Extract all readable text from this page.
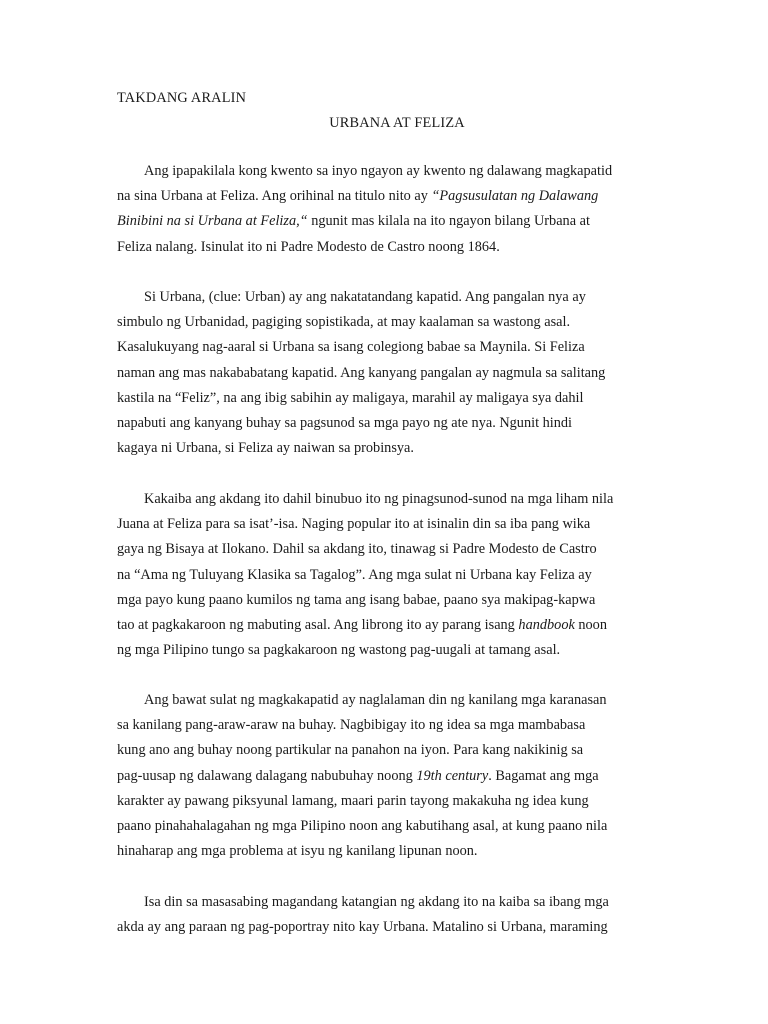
TAKDANG ARALIN
URBANA AT FELIZA
Ang ipapakilala kong kwento sa inyo ngayon ay kwento ng dalawang magkapatid
na sina Urbana at Feliza. Ang orihinal na titulo nito ay “Pagsusulatan ng Dalawang
Binibini na si Urbana at Feliza,“ ngunit mas kilala na ito ngayon bilang Urbana at
Feliza nalang. Isinulat ito ni Padre Modesto de Castro noong 1864.
Si Urbana, (clue: Urban) ay ang nakatatandang kapatid. Ang pangalan nya ay
simbulo ng Urbanidad, pagiging sopistikada, at may kaalaman sa wastong asal.
Kasalukuyang nag-aaral si Urbana sa isang colegiong babae sa Maynila. Si Feliza
naman ang mas nakababatang kapatid. Ang kanyang pangalan ay nagmula sa salitang
kastila na “Feliz”, na ang ibig sabihin ay maligaya, marahil ay maligaya sya dahil
napabuti ang kanyang buhay sa pagsunod sa mga payo ng ate nya. Ngunit hindi
kagaya ni Urbana, si Feliza ay naiwan sa probinsya.
Kakaiba ang akdang ito dahil binubuo ito ng pinagsunod-sunod na mga liham nila
Juana at Feliza para sa isat’-isa. Naging popular ito at isinalin din sa iba pang wika
gaya ng Bisaya at Ilokano. Dahil sa akdang ito, tinawag si Padre Modesto de Castro
na “Ama ng Tuluyang Klasika sa Tagalog”. Ang mga sulat ni Urbana kay Feliza ay
mga payo kung paano kumilos ng tama ang isang babae, paano sya makipag-kapwa
tao at pagkakaroon ng mabuting asal. Ang librong ito ay parang isang handbook noon
ng mga Pilipino tungo sa pagkakaroon ng wastong pag-uugali at tamang asal.
Ang bawat sulat ng magkakapatid ay naglalaman din ng kanilang mga karanasan
sa kanilang pang-araw-araw na buhay. Nagbibigay ito ng idea sa mga mambabasa
kung ano ang buhay noong partikular na panahon na iyon. Para kang nakikinig sa
pag-uusap ng dalawang dalagang nabubuhay noong 19th century. Bagamat ang mga
karakter ay pawang piksyunal lamang, maari parin tayong makakuha ng idea kung
paano pinahahalagahan ng mga Pilipino noon ang kabutihang asal, at kung paano nila
hinaharap ang mga problema at isyu ng kanilang lipunan noon.
Isa din sa masasabing magandang katangian ng akdang ito na kaiba sa ibang mga
akda ay ang paraan ng pag-poportray nito kay Urbana. Matalino si Urbana, maraming
